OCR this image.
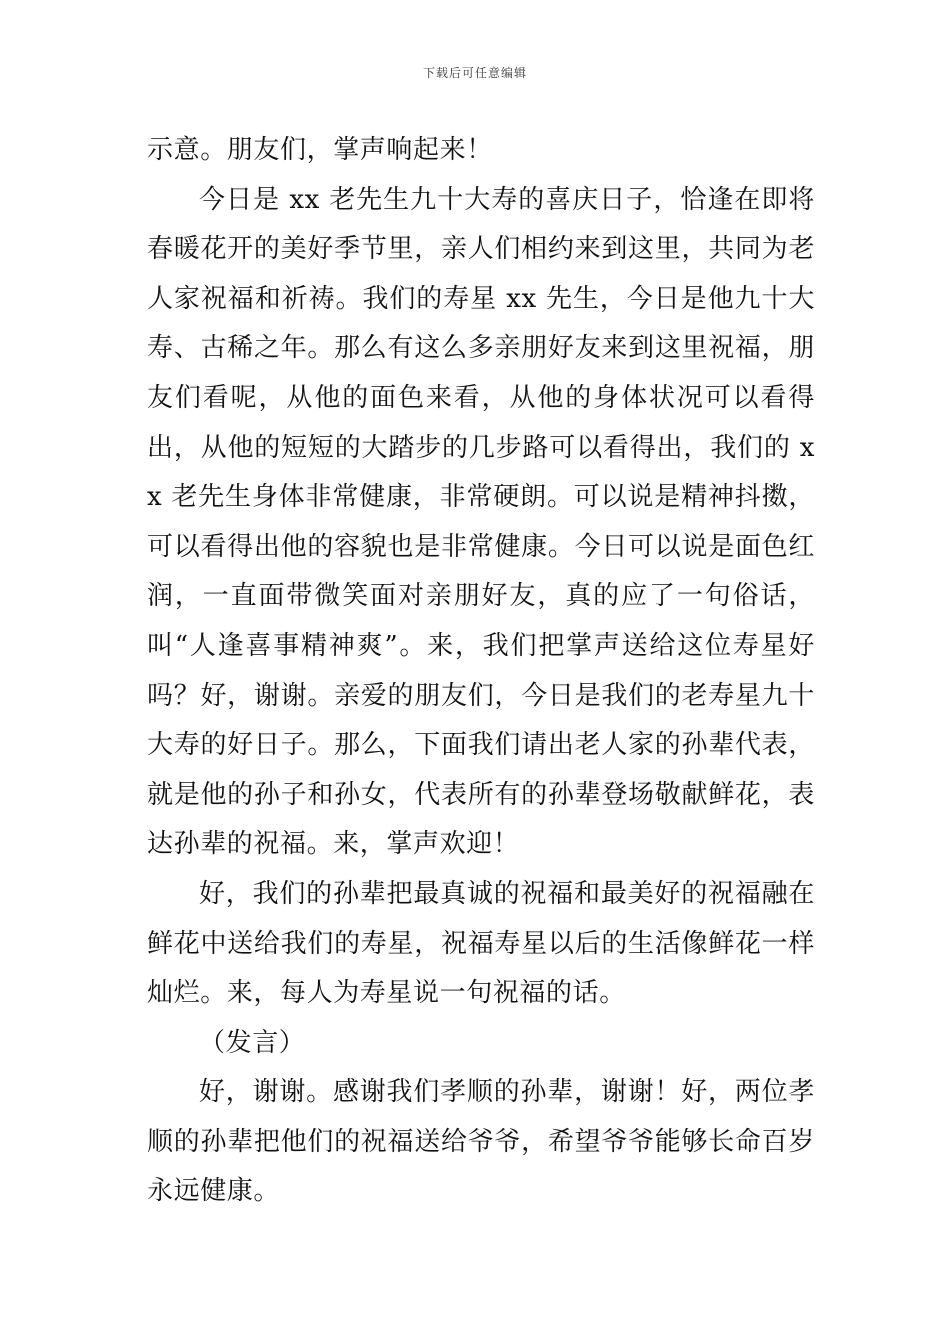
下载后可任意编辑

示意。朋友们，掌声响起来！

今日是 xx 老先生九十大寿的喜庆日子，恰逢在即将春暖花开的美好季节里，亲人们相约来到这里，共同为老人家祝福和祈祷。我们的寿星 xx 先生，今日是他九十大寿、古稀之年。那么有这么多亲朋好友来到这里祝福，朋友们看呢，从他的面色来看，从他的身体状况可以看得出，从他的短短的大踏步的几步路可以看得出，我们的 xx 老先生身体非常健康，非常硬朗。可以说是精神抖擞，可以看得出他的容貌也是非常健康。今日可以说是面色红润，一直面带微笑面对亲朋好友，真的应了一句俗话，叫“人逢喜事精神爽”。来，我们把掌声送给这位寿星好吗？好，谢谢。亲爱的朋友们，今日是我们的老寿星九十大寿的好日子。那么，下面我们请出老人家的孙辈代表，就是他的孙子和孙女，代表所有的孙辈登场敬献鲜花，表达孙辈的祝福。来，掌声欢迎！

好，我们的孙辈把最真诚的祝福和最美好的祝福融在鲜花中送给我们的寿星，祝福寿星以后的生活像鲜花一样灿烂。来，每人为寿星说一句祝福的话。

（发言）

好，谢谢。感谢我们孝顺的孙辈，谢谢！好，两位孝顺的孙辈把他们的祝福送给爷爷，希望爷爷能够长命百岁永远健康。
